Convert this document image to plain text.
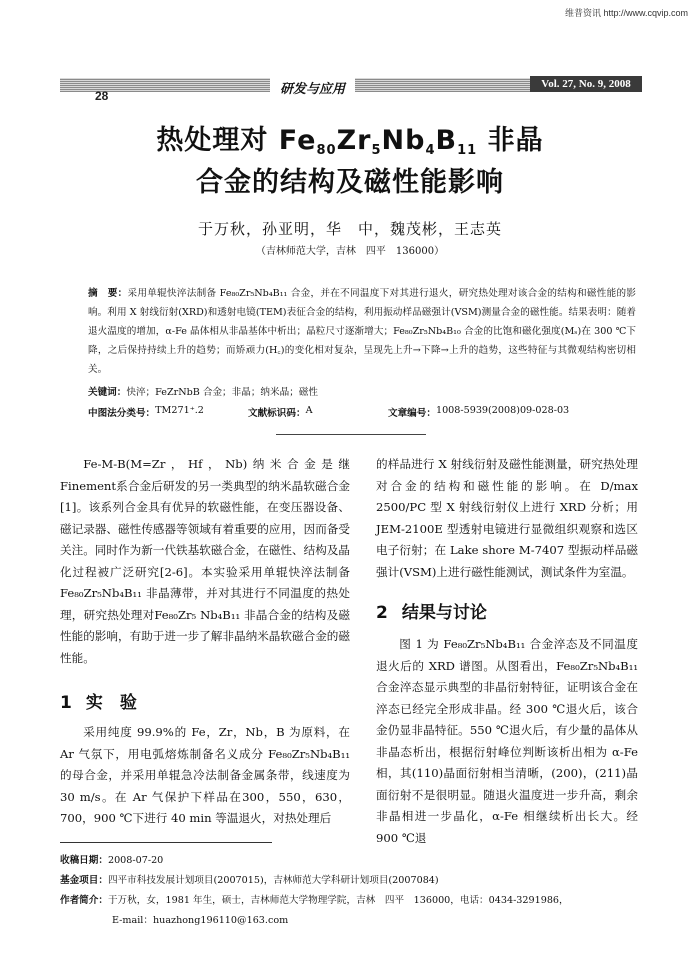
维普资讯 http://www.cqvip.com
研发与应用	Vol. 27, No. 9, 2008
28
热处理对 $Fe_{80}Zr_5Nb_4B_{11}$ 非晶
合金的结构及磁性能影响
于万秋，孙亚明，华　中，魏茂彬，王志英
（吉林师范大学，吉林　四平　136000）
摘　要：采用单辊快淬法制备 Fe₈₀Zr₅Nb₄B₁₁ 合金，并在不同温度下对其进行退火，研究热处理对该合金的结构和磁性能的影响。利用 X 射线衍射(XRD)和透射电镜(TEM)表征合金的结构，利用振动样品磁强计(VSM)测量合金的磁性能。结果表明：随着退火温度的增加，α-Fe 晶体相从非晶基体中析出；晶粒尺寸逐渐增大；Fe₈₀Zr₅Nb₄B₁₀ 合金的比饱和磁化强度(Mₛ)在 300 ℃下降，之后保持持续上升的趋势；而矫顽力(H꜀)的变化相对复杂，呈现先上升→下降→上升的趋势，这些特征与其微观结构密切相关。
关键词：快淬；FeZrNbB 合金；非晶；纳米晶；磁性
中图法分类号： TM271⁺.2	文献标识码： A	文章编号： 1008-5939(2008)09-028-03

Fe-M-B(M=Zr，Hf，Nb)纳米合金是继Finement系合金后研发的另一类典型的纳米晶软磁合金[1]。该系列合金具有优异的软磁性能，在变压器设备、磁记录器、磁性传感器等领域有着重要的应用，因而备受关注。同时作为新一代铁基软磁合金，在磁性、结构及晶化过程被广泛研究[2-6]。本实验采用单辊快淬法制备 Fe₈₀Zr₅Nb₄B₁₁ 非晶薄带，并对其进行不同温度的热处理，研究热处理对Fe₈₀Zr₅ Nb₄B₁₁ 非晶合金的结构及磁性能的影响，有助于进一步了解非晶纳米晶软磁合金的磁性能。

1 实　验

采用纯度 99.9%的 Fe，Zr，Nb，B 为原料，在 Ar 气氛下，用电弧熔炼制备名义成分 Fe₈₀Zr₅Nb₄B₁₁ 的母合金，并采用单辊急冷法制备金属条带，线速度为 30 m/s。在 Ar 气保护下样品在300，550，630，700，900 ℃下进行 40 min 等温退火，对热处理后

的样品进行 X 射线衍射及磁性能测量，研究热处理对合金的结构和磁性能的影响。在 D/max 2500/PC 型 X 射线衍射仪上进行 XRD 分析；用 JEM-2100E 型透射电镜进行显微组织观察和选区电子衍射；在 Lake shore M-7407 型振动样品磁强计(VSM)上进行磁性能测试，测试条件为室温。

2 结果与讨论

图 1 为 Fe₈₀Zr₅Nb₄B₁₁ 合金淬态及不同温度退火后的 XRD 谱图。从图看出，Fe₈₀Zr₅Nb₄B₁₁ 合金淬态显示典型的非晶衍射特征，证明该合金在淬态已经完全形成非晶。经 300 ℃退火后，该合金仍显非晶特征。550 ℃退火后，有少量的晶体从非晶态析出，根据衍射峰位判断该析出相为 α-Fe 相，其(110)晶面衍射相当清晰，(200)，(211)晶面衍射不是很明显。随退火温度进一步升高，剩余非晶相进一步晶化，α-Fe 相继续析出长大。经 900 ℃退

收稿日期：2008-07-20
基金项目：四平市科技发展计划项目(2007015)，吉林师范大学科研计划项目(2007084)
作者简介：于万秋，女，1981 年生，硕士，吉林师范大学物理学院，吉林　四平　136000，电话：0434-3291986，
E-mail：huazhong196110@163.com
